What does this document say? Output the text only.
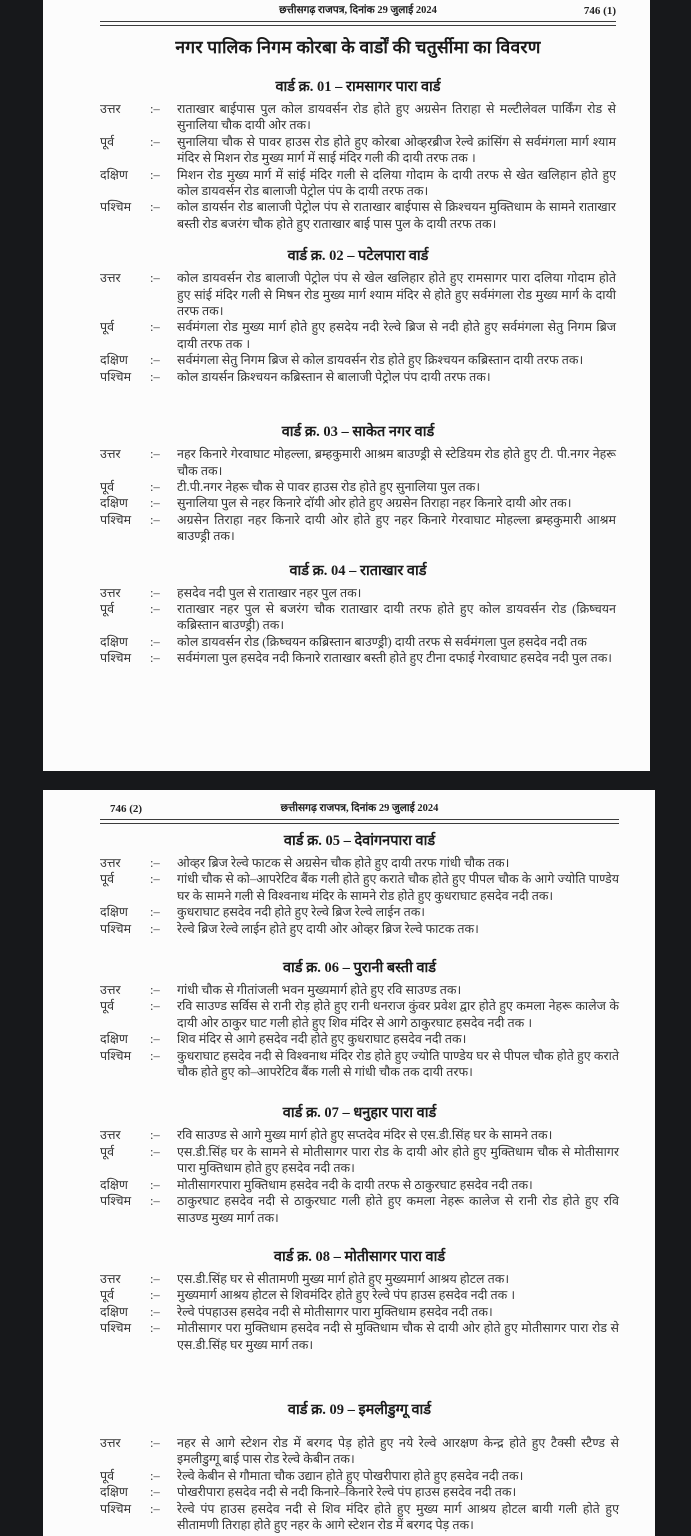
छत्तीसगढ़ राजपत्र, दिनांक 29 जुलाई 2024	746 (1)
नगर पालिक निगम कोरबा के वार्डों की चतुर्सीमा का विवरण
वार्ड क्र. 01 – रामसागर पारा वार्ड
उत्तर	:–	राताखार बाईपास पुल कोल डायवर्सन रोड होते हुए अग्रसेन तिराहा से मल्टीलेवल पार्किंग रोड से सुनालिया चौक दायी ओर तक।
पूर्व	:–	सुनालिया चौक से पावर हाउस रोड होते हुए कोरबा ओव्हरब्रीज रेल्वे क्रांसिंग से सर्वमंगला मार्ग श्याम मंदिर से मिशन रोड मुख्य मार्ग में साई मंदिर गली की दायी तरफ तक ।
दक्षिण	:–	मिशन रोड मुख्य मार्ग में सांई मंदिर गली से दलिया गोदाम के दायी तरफ से खेत खलिहान होते हुए कोल डायवर्सन रोड बालाजी पेट्रोल पंप के दायी तरफ तक।
पश्चिम	:–	कोल डायर्सन रोड बालाजी पेट्रोल पंप से राताखार बाईपास से क्रिश्चयन मुक्तिधाम के सामने राताखार बस्ती रोड बजरंग चौक होते हुए राताखार बाई पास पुल के दायी तरफ तक।
वार्ड क्र. 02 – पटेलपारा वार्ड
उत्तर	:–	कोल डायवर्सन रोड बालाजी पेट्रोल पंप से खेल खलिहार होते हुए रामसागर पारा दलिया गोदाम होते हुए सांई मंदिर गली से मिषन रोड मुख्य मार्ग श्याम मंदिर से होते हुए सर्वमंगला रोड मुख्य मार्ग के दायी तरफ तक।
पूर्व	:–	सर्वमंगला रोड मुख्य मार्ग होते हुए हसदेय नदी रेल्वे ब्रिज से नदी होते हुए सर्वमंगला सेतु निगम ब्रिज दायी तरफ तक ।
दक्षिण	:–	सर्वमंगला सेतु निगम ब्रिज से कोल डायवर्सन रोड होते हुए क्रिश्चयन कब्रिस्तान दायी तरफ तक।
पश्चिम	:–	कोल डायर्सन क्रिश्चयन कब्रिस्तान से बालाजी पेट्रोल पंप दायी तरफ तक।
वार्ड क्र. 03 – साकेत नगर वार्ड
उत्तर	:–	नहर किनारे गेरवाघाट मोहल्ला, ब्रम्हकुमारी आश्रम बाउण्ड्री से स्टेडियम रोड होते हुए टी. पी.नगर नेहरू चौक तक।
पूर्व	:–	टी.पी.नगर नेहरू चौक से पावर हाउस रोड होते हुए सुनालिया पुल तक।
दक्षिण	:–	सुनालिया पुल से नहर किनारे दॉयी ओर होते हुए अग्रसेन तिराहा नहर किनारे दायी ओर तक।
पश्चिम	:–	अग्रसेन तिराहा नहर किनारे दायी ओर होते हुए नहर किनारे गेरवाघाट मोहल्ला ब्रम्हकुमारी आश्रम बाउण्ड्री तक।
वार्ड क्र. 04 – राताखार वार्ड
उत्तर	:–	हसदेव नदी पुल से राताखार नहर पुल तक।
पूर्व	:–	राताखार नहर पुल से बजरंग चौक राताखार दायी तरफ होते हुए कोल डायवर्सन रोड (क्रिष्चयन कब्रिस्तान बाउण्ड्री) तक।
दक्षिण	:–	कोल डायवर्सन रोड (क्रिष्चयन कब्रिस्तान बाउण्ड्री) दायी तरफ से सर्वमंगला पुल हसदेव नदी तक
पश्चिम	:–	सर्वमंगला पुल हसदेव नदी किनारे राताखार बस्ती होते हुए टीना दफाई गेरवाघाट हसदेव नदी पुल तक।
746 (2)	छत्तीसगढ़ राजपत्र, दिनांक 29 जुलाई 2024
वार्ड क्र. 05 – देवांगनपारा वार्ड
उत्तर	:–	ओव्हर ब्रिज रेल्वे फाटक से अग्रसेन चौक होते हुए दायी तरफ गांधी चौक तक।
पूर्व	:–	गांधी चौक से को–आपरेटिव बैंक गली होते हुए कराते चौक होते हुए पीपल चौक के आगे ज्योति पाण्डेय घर के सामने गली से विश्वनाथ मंदिर के सामने रोड होते हुए कुधराघाट हसदेव नदी तक।
दक्षिण	:–	कुधराघाट हसदेव नदी होते हुए रेल्वे ब्रिज रेल्वे लाईन तक।
पश्चिम	:–	रेल्वे ब्रिज रेल्वे लाईन होते हुए दायी ओर ओव्हर ब्रिज रेल्वे फाटक तक।
वार्ड क्र. 06 – पुरानी बस्ती वार्ड
उत्तर	:–	गांधी चौक से गीतांजली भवन मुख्यमार्ग होते हुए रवि साउण्ड तक।
पूर्व	:–	रवि साउण्ड सर्विस से रानी रोड़ होते हुए रानी धनराज कुंवर प्रवेश द्वार होते हुए कमला नेहरू कालेज के दायी ओर ठाकुर घाट गली होते हुए शिव मंदिर से आगे ठाकुरघाट हसदेव नदी तक ।
दक्षिण	:–	शिव मंदिर से आगे हसदेव नदी होते हुए कुधराघाट हसदेव नदी तक।
पश्चिम	:–	कुधराघाट हसदेव नदी से विश्वनाथ मंदिर रोड होते हुए ज्योति पाण्डेय घर से पीपल चौक होते हुए कराते चौक होते हुए को–आपरेटिव बैंक गली से गांधी चौक तक दायी तरफ।
वार्ड क्र. 07 – धनुहार पारा वार्ड
उत्तर	:–	रवि साउण्ड से आगे मुख्य मार्ग होते हुए सप्तदेव मंदिर से एस.डी.सिंह घर के सामने तक।
पूर्व	:–	एस.डी.सिंह घर के सामने से मोतीसागर पारा रोड के दायी ओर होते हुए मुक्तिधाम चौक से मोतीसागर पारा मुक्तिधाम होते हुए हसदेव नदी तक।
दक्षिण	:–	मोतीसागरपारा मुक्तिधाम हसदेव नदी के दायी तरफ से ठाकुरघाट हसदेव नदी तक।
पश्चिम	:–	ठाकुरघाट हसदेव नदी से ठाकुरघाट गली होते हुए कमला नेहरू कालेज से रानी रोड होते हुए रवि साउण्ड मुख्य मार्ग तक।
वार्ड क्र. 08 – मोतीसागर पारा वार्ड
उत्तर	:–	एस.डी.सिंह घर से सीतामणी मुख्य मार्ग होते हुए मुख्यमार्ग आश्रय होटल तक।
पूर्व	:–	मुख्यमार्ग आश्रय होटल से शिवमंदिर होते हुए रेल्वे पंप हाउस हसदेव नदी तक ।
दक्षिण	:–	रेल्वे पंपहाउस हसदेव नदी से मोतीसागर पारा मुक्तिधाम हसदेव नदी तक।
पश्चिम	:–	मोतीसागर परा मुक्तिधाम हसदेव नदी से मुक्तिधाम चौक से दायी ओर होते हुए मोतीसागर पारा रोड से एस.डी.सिंह घर मुख्य मार्ग तक।
वार्ड क्र. 09 – इमलीडुग्गू वार्ड
उत्तर	:–	नहर से आगे स्टेशन रोड में बरगद पेड़ होते हुए नये रेल्वे आरक्षण केन्द्र होते हुए टैक्सी स्टैण्ड से इमलीडुग्गू बाई पास रोड रेल्वे केबीन तक।
पूर्व	:–	रेल्वे केबीन से गौमाता चौक उद्यान होते हुए पोखरीपारा होते हुए हसदेव नदी तक।
दक्षिण	:–	पोखरीपारा हसदेव नदी से नदी किनारे–किनारे रेल्वे पंप हाउस हसदेव नदी तक।
पश्चिम	:–	रेल्वे पंप हाउस हसदेव नदी से शिव मंदिर होते हुए मुख्य मार्ग आश्रय होटल बायी गली होते हुए सीतामणी तिराहा होते हुए नहर के आगे स्टेशन रोड में बरगद पेड़ तक।
